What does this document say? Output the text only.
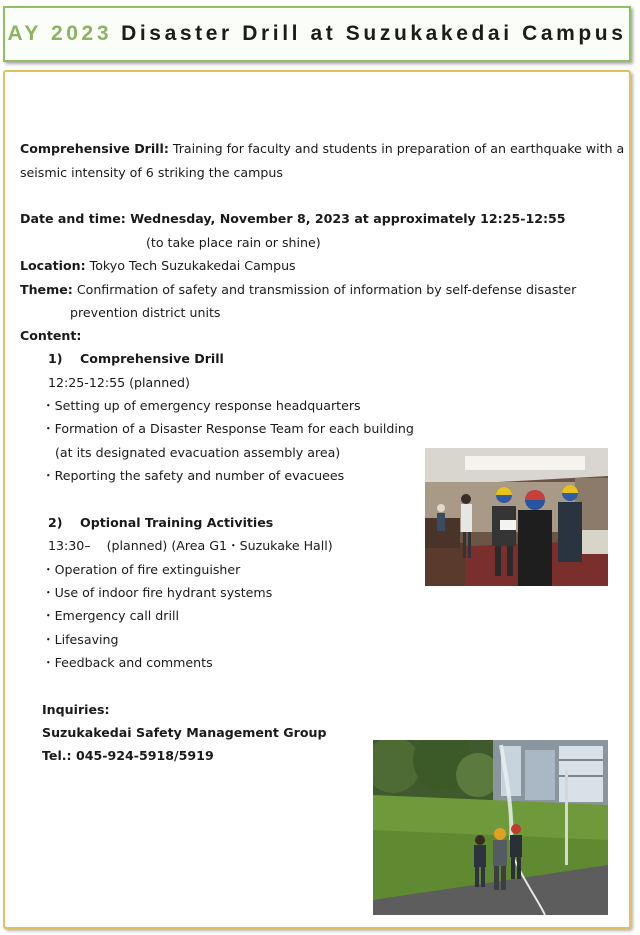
AY 2023 Disaster Drill at Suzukakedai Campus
Comprehensive Drill: Training for faculty and students in preparation of an earthquake with a
seismic intensity of 6 striking the campus
Date and time: Wednesday, November 8, 2023 at approximately 12:25-12:55
(to take place rain or shine)
Location: Tokyo Tech Suzukakedai Campus
Theme: Confirmation of safety and transmission of information by self-defense disaster
prevention district units
Content:
1)    Comprehensive Drill
12:25-12:55 (planned)
・Setting up of emergency response headquarters
・Formation of a Disaster Response Team for each building
(at its designated evacuation assembly area)
・Reporting the safety and number of evacuees
2)    Optional Training Activities
13:30–    (planned) (Area G1・Suzukake Hall)
・Operation of fire extinguisher
・Use of indoor fire hydrant systems
・Emergency call drill
・Lifesaving
・Feedback and comments
Inquiries:
Suzukakedai Safety Management Group
Tel.: 045-924-5918/5919
